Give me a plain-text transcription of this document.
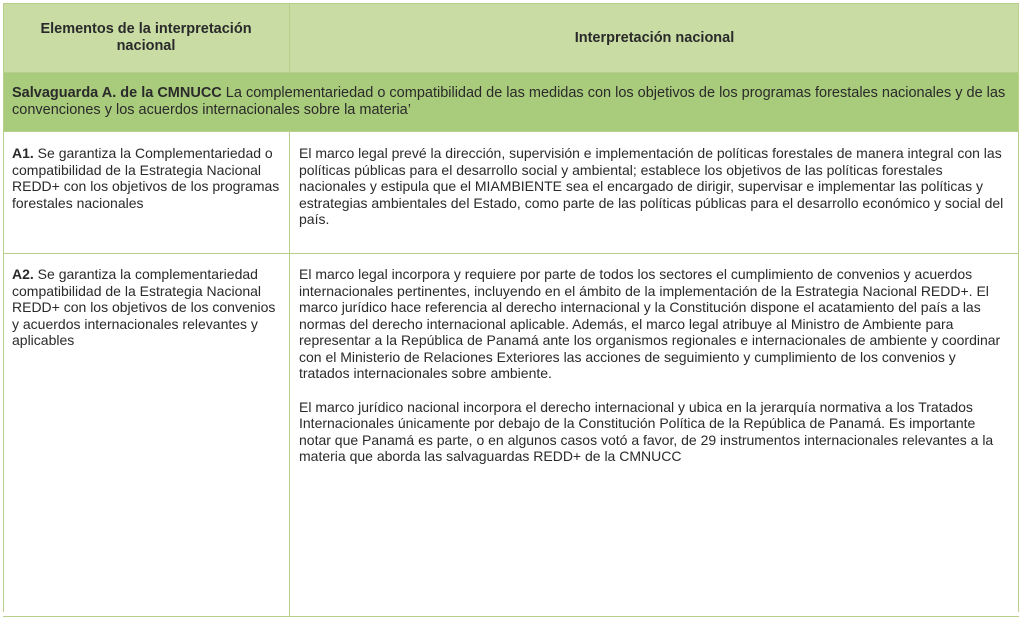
Elementos de la interpretación nacional
Interpretación nacional
Salvaguarda A. de la CMNUCC La complementariedad o compatibilidad de las medidas con los objetivos de los programas forestales nacionales y de las convenciones y los acuerdos internacionales sobre la materia’
A1. Se garantiza la Complementariedad o compatibilidad de la Estrategia Nacional REDD+ con los objetivos de los programas forestales nacionales
El marco legal prevé la dirección, supervisión e implementación de políticas forestales de manera integral con las políticas públicas para el desarrollo social y ambiental; establece los objetivos de las políticas forestales nacionales y estipula que el MIAMBIENTE sea el encargado de dirigir, supervisar e implementar las políticas y estrategias ambientales del Estado, como parte de las políticas públicas para el desarrollo económico y social del país.
A2. Se garantiza la complementariedad compatibilidad de la Estrategia Nacional REDD+ con los objetivos de los convenios y acuerdos internacionales relevantes y aplicables
El marco legal incorpora y requiere por parte de todos los sectores el cumplimiento de convenios y acuerdos internacionales pertinentes, incluyendo en el ámbito de la implementación de la Estrategia Nacional REDD+. El marco jurídico hace referencia al derecho internacional y la Constitución dispone el acatamiento del país a las normas del derecho internacional aplicable. Además, el marco legal atribuye al Ministro de Ambiente para representar a la República de Panamá ante los organismos regionales e internacionales de ambiente y coordinar con el Ministerio de Relaciones Exteriores las acciones de seguimiento y cumplimiento de los convenios y tratados internacionales sobre ambiente.
El marco jurídico nacional incorpora el derecho internacional y ubica en la jerarquía normativa a los Tratados Internacionales únicamente por debajo de la Constitución Política de la República de Panamá. Es importante notar que Panamá es parte, o en algunos casos votó a favor, de 29 instrumentos internacionales relevantes a la materia que aborda las salvaguardas REDD+ de la CMNUCC
